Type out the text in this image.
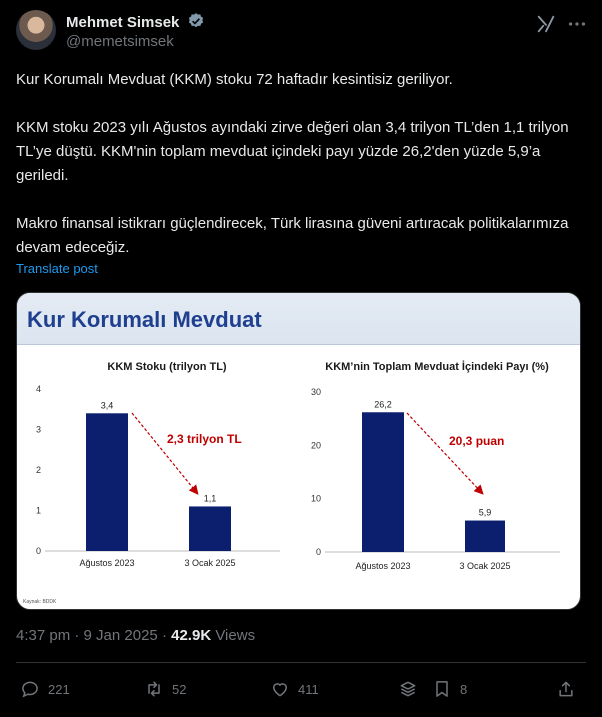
Mehmet Simsek
@memetsimsek

Kur Korumalı Mevduat (KKM) stoku 72 haftadır kesintisiz geriliyor.

KKM stoku 2023 yılı Ağustos ayındaki zirve değeri olan 3,4 trilyon TL’den 1,1 trilyon TL’ye düştü. KKM'nin toplam mevduat içindeki payı yüzde 26,2'den yüzde 5,9’a geriledi.

Makro finansal istikrarı güçlendirecek, Türk lirasına güveni artıracak politikalarımıza devam edeceğiz.

Translate post
Kur Korumalı Mevduat
KKM Stoku (trilyon TL)
0
1
2
3
4
3,4
Ağustos 2023
1,1
3 Ocak 2025
2,3 trilyon TL
KKM’nin Toplam Mevduat İçindeki Payı (%)
0
10
20
30
26,2
Ağustos 2023
5,9
3 Ocak 2025
20,3 puan
Kaynak: BDDK
4:37 pm · 9 Jan 2025 · 42.9K Views
221	52	411	8
